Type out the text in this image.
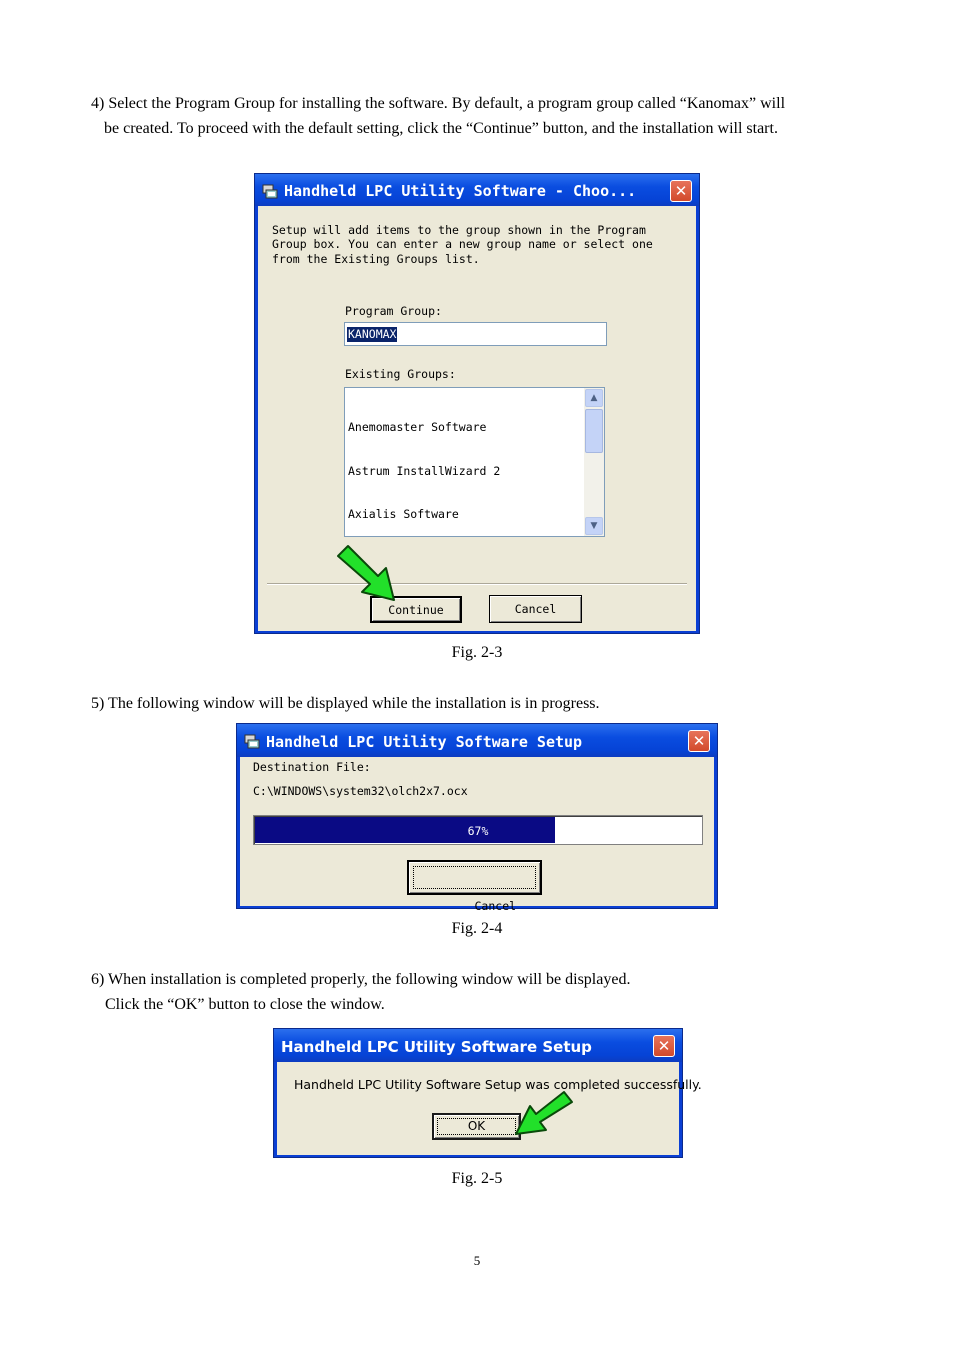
4) Select the Program Group for installing the software. By default, a program group called “Kanomax” will
be created. To proceed with the default setting, click the “Continue” button, and the installation will start.
Handheld LPC Utility Software - Choo...	✕
Setup will add items to the group shown in the Program
Group box. You can enter a new group name or select one
from the Existing Groups list.
Program Group:
KANOMAX
Existing Groups:

Anemomaster Software

Astrum InstallWizard 2

Axialis Software

▲

▼

Continue	Cancel
Fig. 2-3
5) The following window will be displayed while the installation is in progress.
Handheld LPC Utility Software Setup	✕
Destination File:
C:\WINDOWS\system32\olch2x7.ocx
67%

Cancel

Fig. 2-4
6) When installation is completed properly, the following window will be displayed.
Click the “OK” button to close the window.
Handheld LPC Utility Software Setup	✕
Handheld LPC Utility Software Setup was completed successfully.
OK
Fig. 2-5
5
